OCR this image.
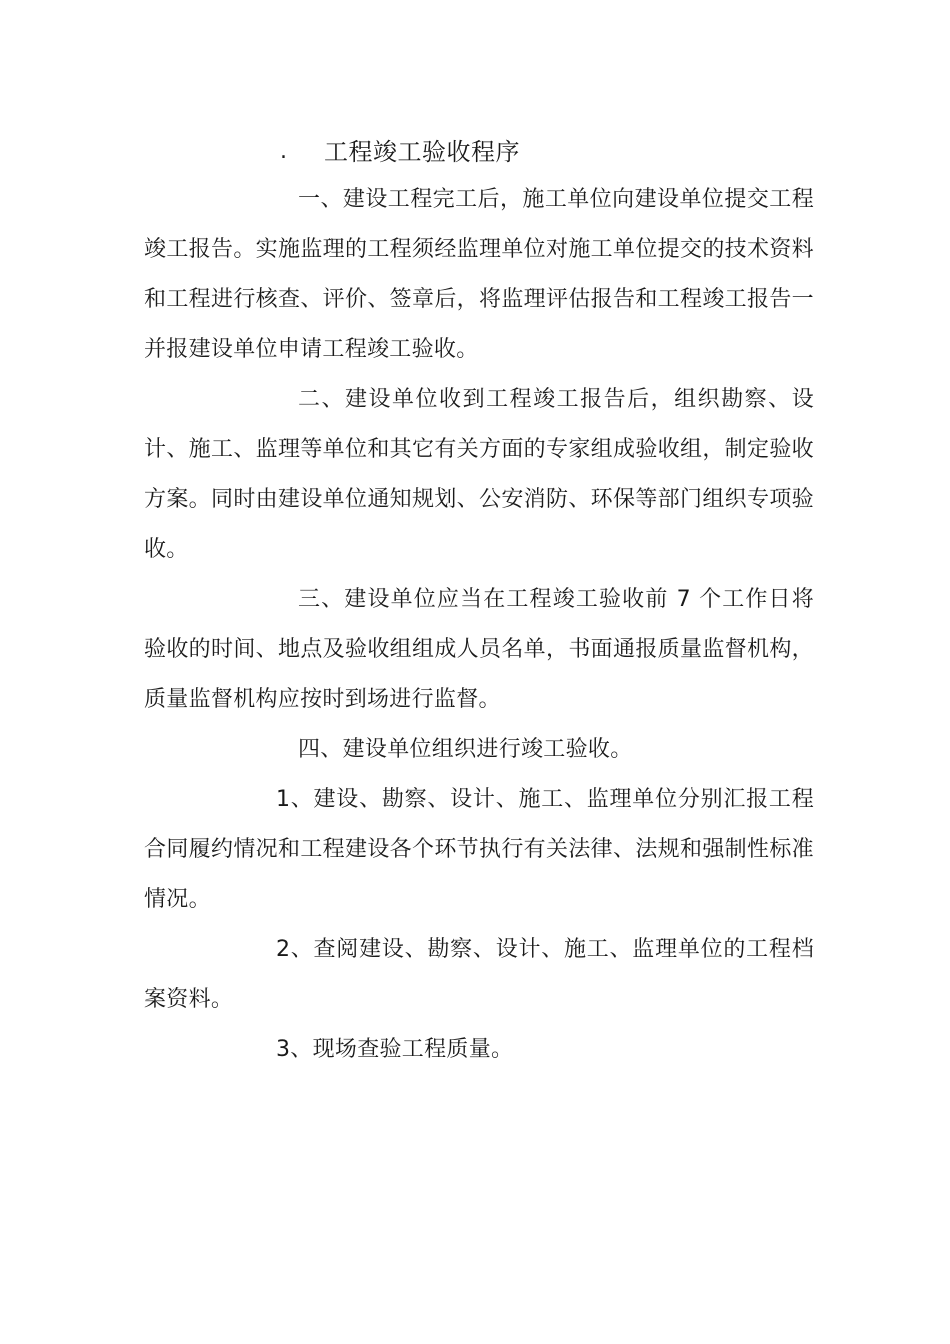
. 工程竣工验收程序

一、建设工程完工后，施工单位向建设单位提交工程竣工报告。实施监理的工程须经监理单位对施工单位提交的技术资料和工程进行核查、评价、签章后，将监理评估报告和工程竣工报告一并报建设单位申请工程竣工验收。

二、建设单位收到工程竣工报告后，组织勘察、设计、施工、监理等单位和其它有关方面的专家组成验收组，制定验收方案。同时由建设单位通知规划、公安消防、环保等部门组织专项验收。

三、建设单位应当在工程竣工验收前 7 个工作日将验收的时间、地点及验收组组成人员名单，书面通报质量监督机构，质量监督机构应按时到场进行监督。

四、建设单位组织进行竣工验收。

1、建设、勘察、设计、施工、监理单位分别汇报工程合同履约情况和工程建设各个环节执行有关法律、法规和强制性标准情况。

2、查阅建设、勘察、设计、施工、监理单位的工程档案资料。

3、现场查验工程质量。
